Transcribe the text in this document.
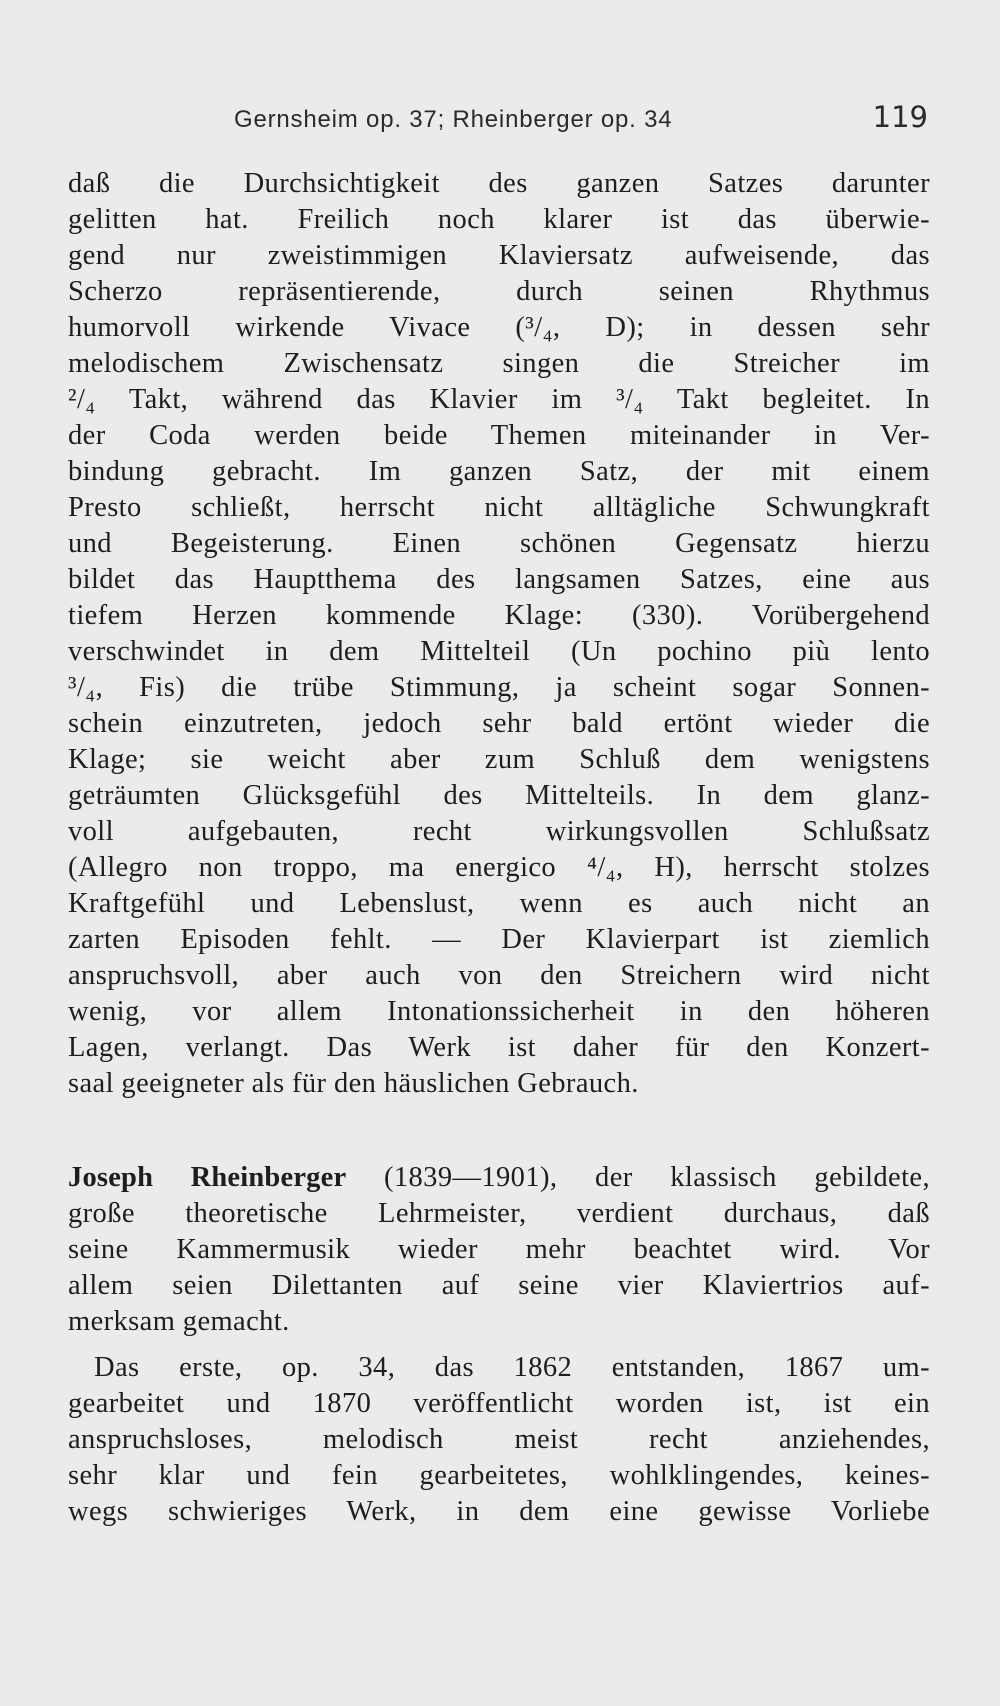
Gernsheim op. 37; Rheinberger op. 34	119
daß die Durchsichtigkeit des ganzen Satzes darunter
gelitten hat. Freilich noch klarer ist das überwie-
gend nur zweistimmigen Klaviersatz aufweisende, das
Scherzo repräsentierende, durch seinen Rhythmus
humorvoll wirkende Vivace (³/₄, D); in dessen sehr
melodischem Zwischensatz singen die Streicher im
²/₄ Takt, während das Klavier im ³/₄ Takt begleitet. In
der Coda werden beide Themen miteinander in Ver-
bindung gebracht. Im ganzen Satz, der mit einem
Presto schließt, herrscht nicht alltägliche Schwungkraft
und Begeisterung. Einen schönen Gegensatz hierzu
bildet das Hauptthema des langsamen Satzes, eine aus
tiefem Herzen kommende Klage: (330). Vorübergehend
verschwindet in dem Mittelteil (Un pochino più lento
³/₄, Fis) die trübe Stimmung, ja scheint sogar Sonnen-
schein einzutreten, jedoch sehr bald ertönt wieder die
Klage; sie weicht aber zum Schluß dem wenigstens
geträumten Glücksgefühl des Mittelteils. In dem glanz-
voll aufgebauten, recht wirkungsvollen Schlußsatz
(Allegro non troppo, ma energico ⁴/₄, H), herrscht stolzes
Kraftgefühl und Lebenslust, wenn es auch nicht an
zarten Episoden fehlt. — Der Klavierpart ist ziemlich
anspruchsvoll, aber auch von den Streichern wird nicht
wenig, vor allem Intonationssicherheit in den höheren
Lagen, verlangt. Das Werk ist daher für den Konzert-
saal geeigneter als für den häuslichen Gebrauch.
Joseph Rheinberger (1839—1901), der klassisch gebildete,
große theoretische Lehrmeister, verdient durchaus, daß
seine Kammermusik wieder mehr beachtet wird. Vor
allem seien Dilettanten auf seine vier Klaviertrios auf-
merksam gemacht.
Das erste, op. 34, das 1862 entstanden, 1867 um-
gearbeitet und 1870 veröffentlicht worden ist, ist ein
anspruchsloses, melodisch meist recht anziehendes,
sehr klar und fein gearbeitetes, wohlklingendes, keines-
wegs schwieriges Werk, in dem eine gewisse Vorliebe
